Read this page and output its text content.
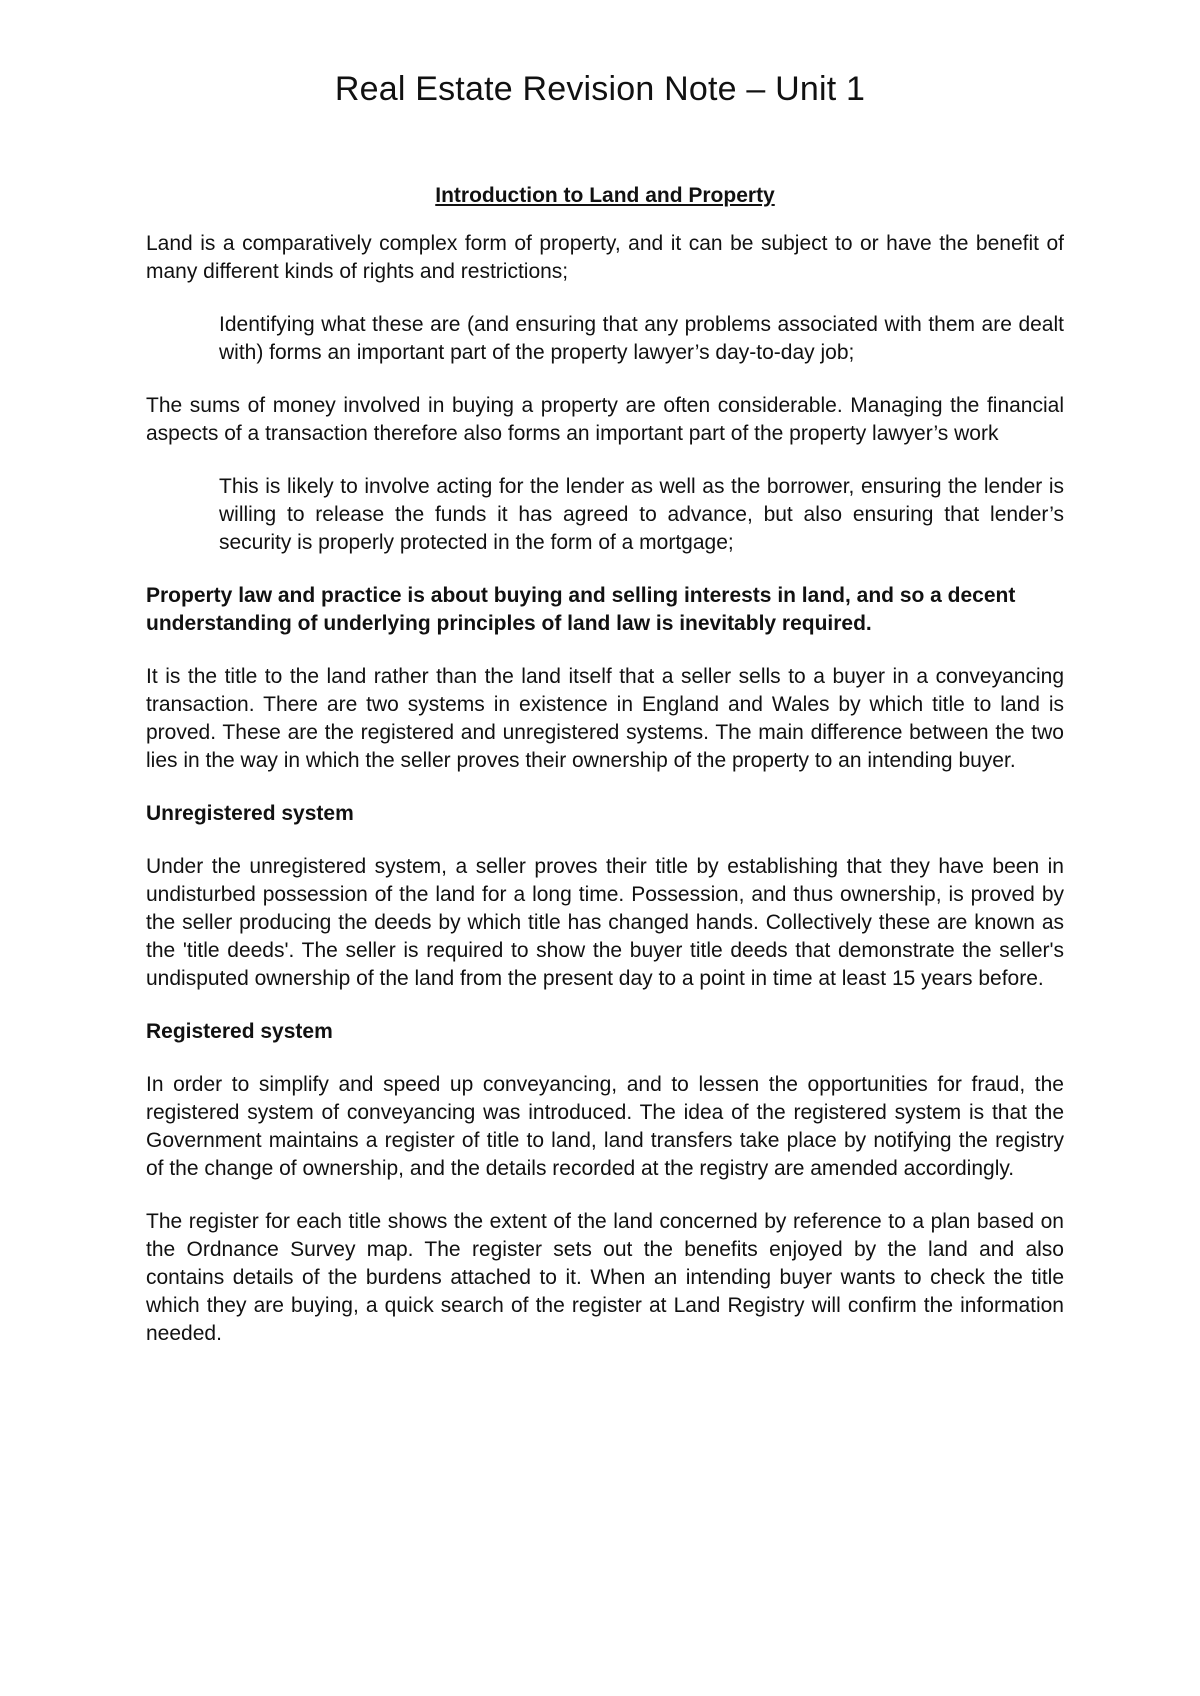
Real Estate Revision Note – Unit 1
Introduction to Land and Property

Land is a comparatively complex form of property, and it can be subject to or have the benefit of many different kinds of rights and restrictions;

Identifying what these are (and ensuring that any problems associated with them are dealt with) forms an important part of the property lawyer’s day-to-day job;

The sums of money involved in buying a property are often considerable. Managing the financial aspects of a transaction therefore also forms an important part of the property lawyer’s work

This is likely to involve acting for the lender as well as the borrower, ensuring the lender is willing to release the funds it has agreed to advance, but also ensuring that lender’s security is properly protected in the form of a mortgage;

Property law and practice is about buying and selling interests in land, and so a decent understanding of underlying principles of land law is inevitably required.

It is the title to the land rather than the land itself that a seller sells to a buyer in a conveyancing transaction. There are two systems in existence in England and Wales by which title to land is proved. These are the registered and unregistered systems. The main difference between the two lies in the way in which the seller proves their ownership of the property to an intending buyer.

Unregistered system

Under the unregistered system, a seller proves their title by establishing that they have been in undisturbed possession of the land for a long time. Possession, and thus ownership, is proved by the seller producing the deeds by which title has changed hands. Collectively these are known as the 'title deeds'. The seller is required to show the buyer title deeds that demonstrate the seller's undisputed ownership of the land from the present day to a point in time at least 15 years before.

Registered system

In order to simplify and speed up conveyancing, and to lessen the opportunities for fraud, the registered system of conveyancing was introduced. The idea of the registered system is that the Government maintains a register of title to land, land transfers take place by notifying the registry of the change of ownership, and the details recorded at the registry are amended accordingly.

The register for each title shows the extent of the land concerned by reference to a plan based on the Ordnance Survey map. The register sets out the benefits enjoyed by the land and also contains details of the burdens attached to it. When an intending buyer wants to check the title which they are buying, a quick search of the register at Land Registry will confirm the information needed.
